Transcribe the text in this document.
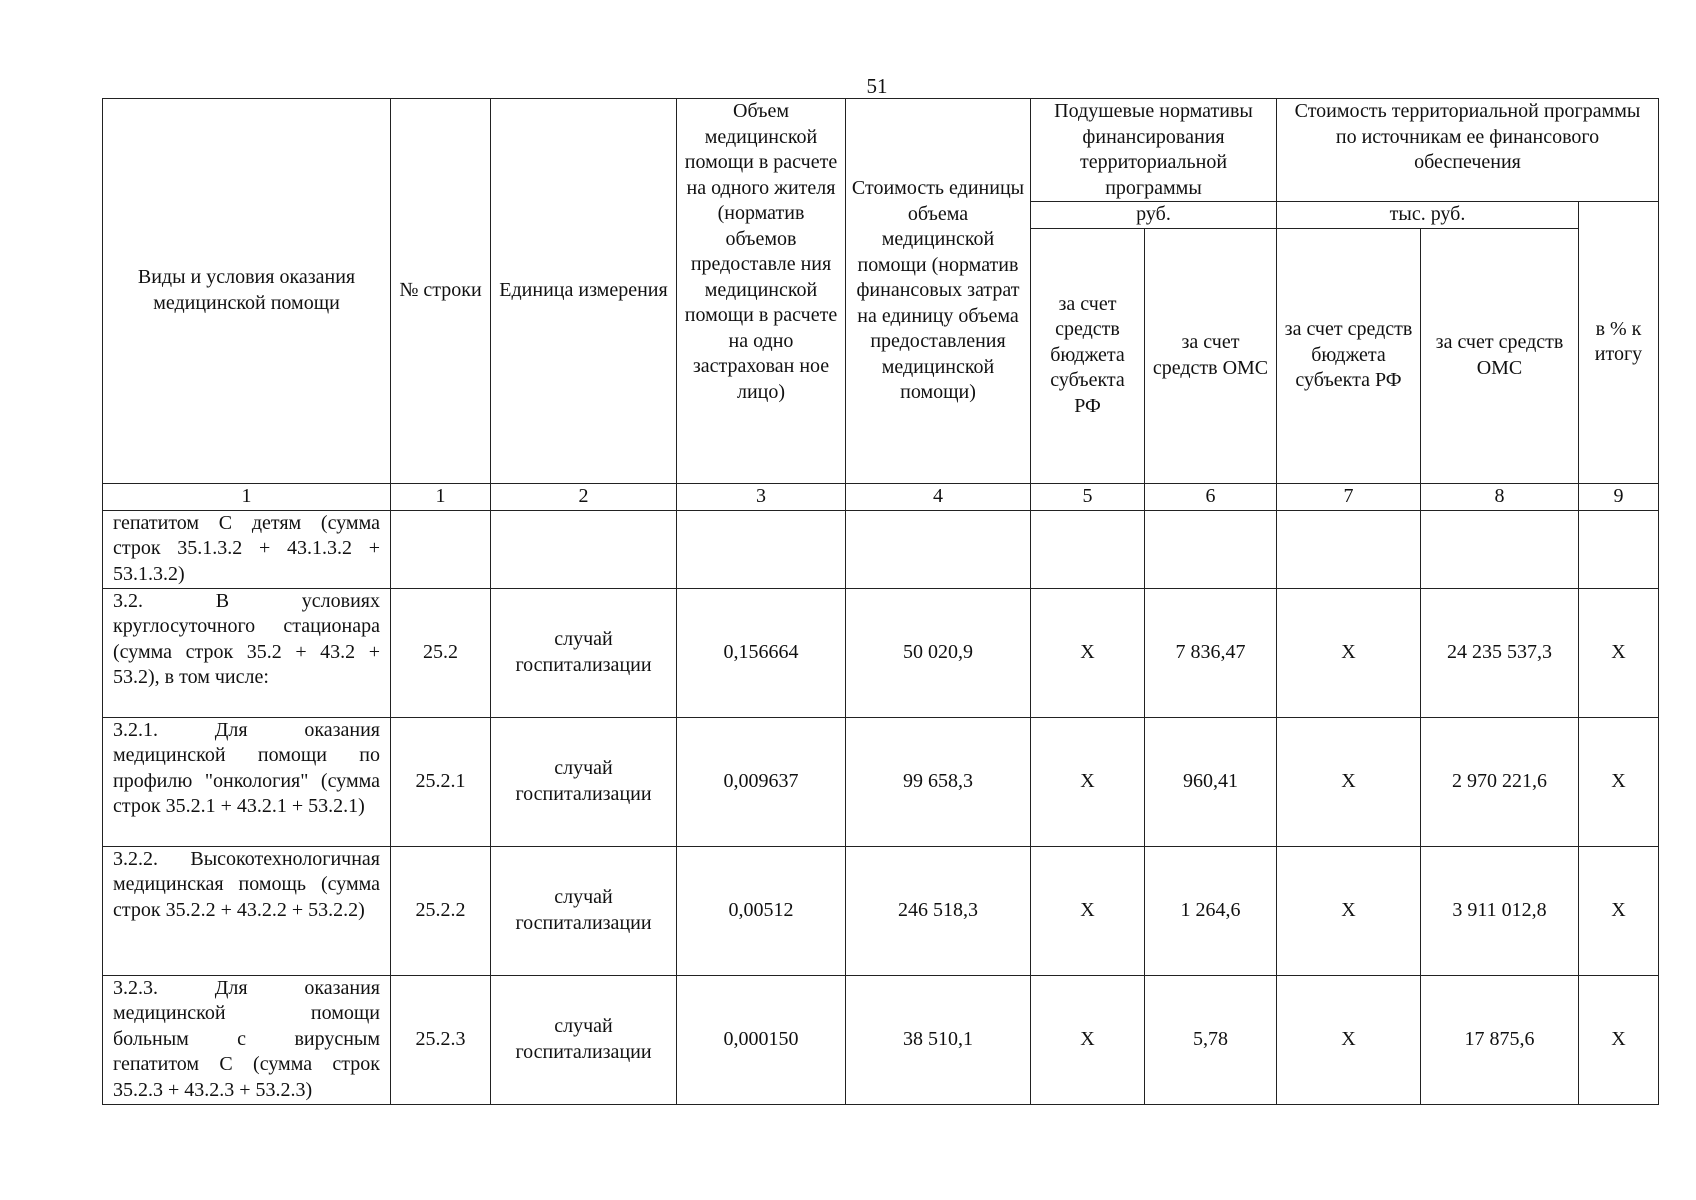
51
Виды и условия оказания медицинской помощи	№ строки	Единица измерения	Объем медицинской помощи в расчете на одного жителя (норматив объемов предоставле ния медицинской помощи в расчете на одно застрахован ное лицо)	Стоимость единицы объема медицинской помощи (норматив финансовых затрат на единицу объема предоставления медицинской помощи)	Подушевые нормативы финансирования территориальной программы		Стоимость территориальной программы по источникам ее финансового обеспечения		
					руб.		тыс. руб.		в % к итогу
					за счет средств бюджета субъекта РФ	за счет средств ОМС	за счет средств бюджета субъекта РФ	за счет средств ОМС	
1	1	2	3	4	5	6	7	8	9
гепатитом С детям (сумма строк 35.1.3.2 + 43.1.3.2 + 53.1.3.2)									
3.2. В условиях круглосуточного стационара (сумма строк 35.2 + 43.2 + 53.2), в том числе:	25.2	случай госпитализации	0,156664	50 020,9	X	7 836,47	X	24 235 537,3	X
3.2.1. Для оказания медицинской помощи по профилю "онкология" (сумма строк 35.2.1 + 43.2.1 + 53.2.1)	25.2.1	случай госпитализации	0,009637	99 658,3	X	960,41	X	2 970 221,6	X
3.2.2. Высокотехнологичная медицинская помощь (сумма строк 35.2.2 + 43.2.2 + 53.2.2)	25.2.2	случай госпитализации	0,00512	246 518,3	X	1 264,6	X	3 911 012,8	X
3.2.3. Для оказания медицинской помощи больным с вирусным гепатитом С (сумма строк 35.2.3 + 43.2.3 + 53.2.3)	25.2.3	случай госпитализации	0,000150	38 510,1	X	5,78	X	17 875,6	X
